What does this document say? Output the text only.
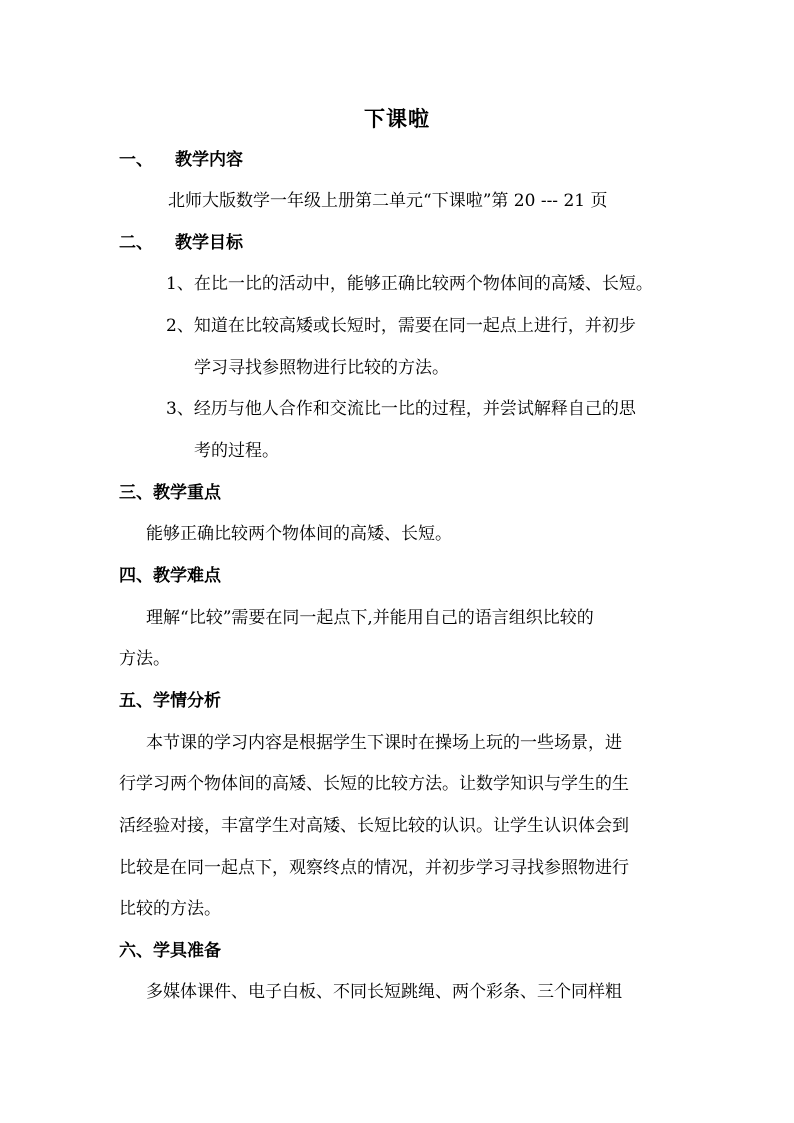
下课啦
一、 教学内容
北师大版数学一年级上册第二单元“下课啦”第 20 --- 21 页
二、 教学目标
1、在比一比的活动中，能够正确比较两个物体间的高矮、长短。
2、知道在比较高矮或长短时，需要在同一起点上进行，并初步
学习寻找参照物进行比较的方法。
3、经历与他人合作和交流比一比的过程，并尝试解释自己的思
考的过程。
三、教学重点
能够正确比较两个物体间的高矮、长短。
四、教学难点
理解“比较”需要在同一起点下,并能用自己的语言组织比较的
方法。
五、学情分析
本节课的学习内容是根据学生下课时在操场上玩的一些场景，进
行学习两个物体间的高矮、长短的比较方法。让数学知识与学生的生
活经验对接，丰富学生对高矮、长短比较的认识。让学生认识体会到
比较是在同一起点下，观察终点的情况，并初步学习寻找参照物进行
比较的方法。
六、学具准备
多媒体课件、电子白板、不同长短跳绳、两个彩条、三个同样粗
